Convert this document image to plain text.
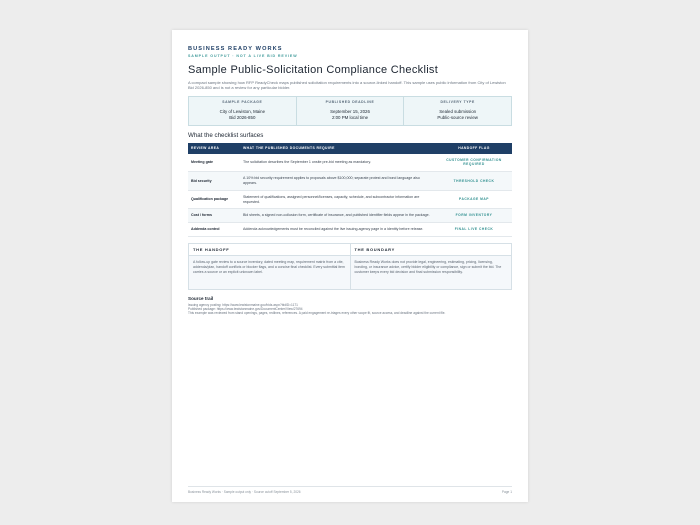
BUSINESS READY WORKS
SAMPLE OUTPUT · NOT A LIVE BID REVIEW
Sample Public-Solicitation Compliance Checklist
A compact sample showing how RFP ReadyCheck maps published solicitation requirements into a source-linked handoff. This sample uses public information from City of Lewiston Bid 2026-850 and is not a review for any particular bidder.
SAMPLE PACKAGE
City of Lewiston, Maine
Bid 2026-850
PUBLISHED DEADLINE
September 15, 2026
2:00 PM local time
DELIVERY TYPE
Sealed submission
Public-source review
What the checklist surfaces
REVIEW AREA	WHAT THE PUBLISHED DOCUMENTS REQUIRE	HANDOFF FLAG
Meeting gate	The solicitation describes the September 1 onsite pre-bid meeting as mandatory.	CUSTOMER CONFIRMATION REQUIRED
Bid security	A 10% bid security requirement applies to proposals above $100,000; separate protest and bond language also appears.	THRESHOLD CHECK
Qualification package	Statement of qualifications, assigned personnel/licenses, capacity, schedule, and subcontractor information are requested.	PACKAGE MAP
Cost / forms	Bid sheets, a signed non-collusion form, certificate of insurance, and published identifier fields appear in the package.	FORM INVENTORY
Addenda control	Addenda acknowledgements must be reconciled against the live issuing-agency page in a identity before release.	FINAL LIVE CHECK
THE HANDOFF
A follow-up gate review to a source inventory, dated meeting map, requirement matrix from a cite, addenda/plan, handoff conflicts or blocker flags, and a concise final checklist. Every submittal item carries a source or an explicit unknown label.
THE BOUNDARY
Business Ready Works does not provide legal, engineering, estimating, pricing, licensing, bonding, or insurance advice, certify bidder eligibility or compliance, sign or submit the bid. The customer keeps every bid decision and final submission responsibility.
Source trail
Issuing agency posting: https://www.lewistonmaine.gov/bids.aspx?bidID=1171
Published package: https://www.lewistonmaine.gov/DocumentCenter/View/27694
This example was reviewed from stand openings, pages, redlines, references. A paid engagement re-triages every other scope fit, source access, and deadline against the current file.
Business Ready Works · Sample output only · Source cutoff September 5, 2026	Page 1
